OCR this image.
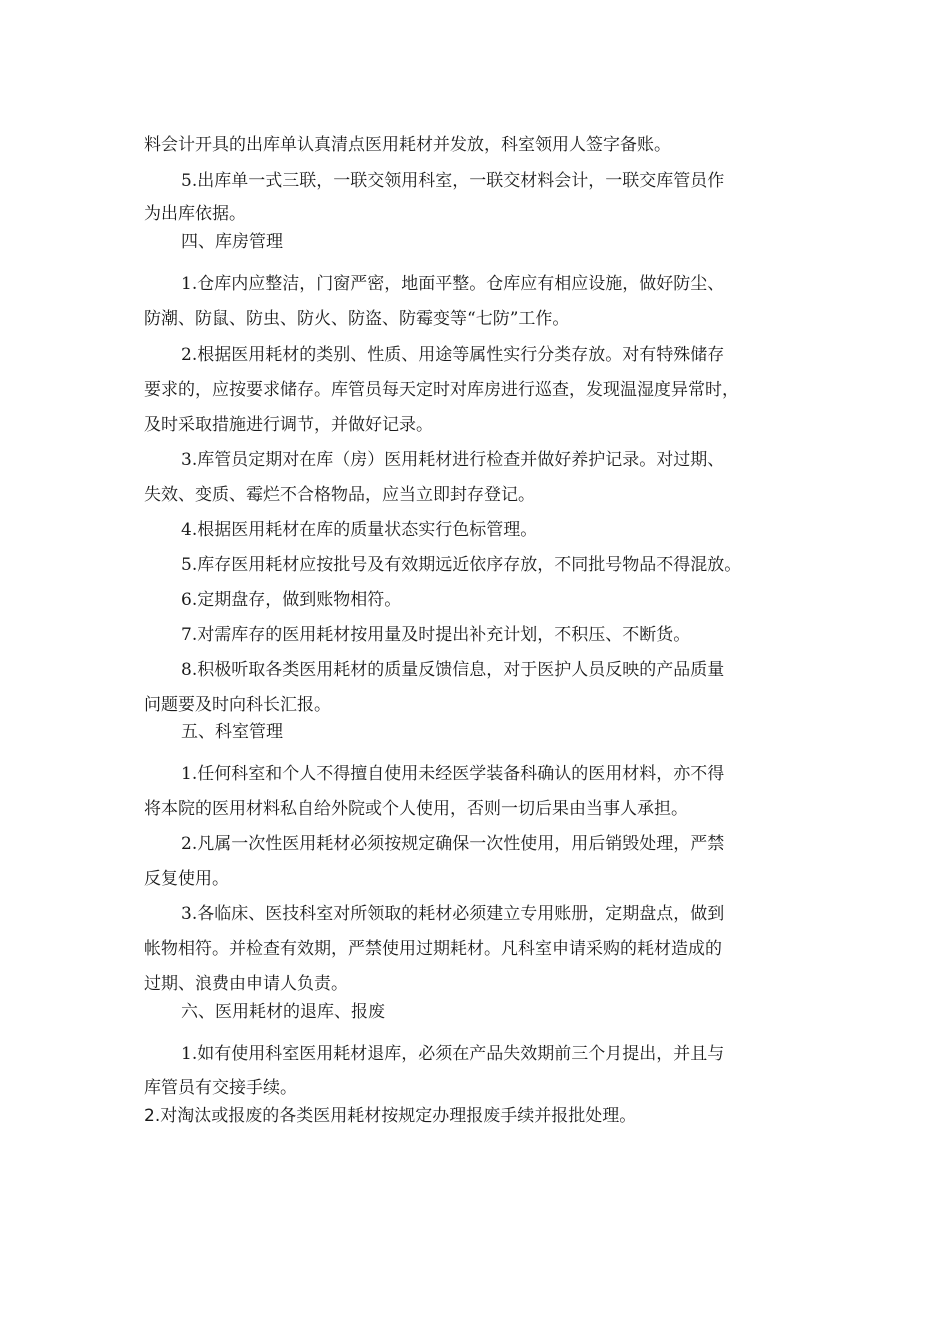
料会计开具的出库单认真清点医用耗材并发放，科室领用人签字备账。
5.出库单一式三联，一联交领用科室，一联交材料会计，一联交库管员作
为出库依据。
四、库房管理
1.仓库内应整洁，门窗严密，地面平整。仓库应有相应设施，做好防尘、
防潮、防鼠、防虫、防火、防盗、防霉变等“七防”工作。
2.根据医用耗材的类别、性质、用途等属性实行分类存放。对有特殊储存
要求的，应按要求储存。库管员每天定时对库房进行巡查，发现温湿度异常时，
及时采取措施进行调节，并做好记录。
3.库管员定期对在库（房）医用耗材进行检查并做好养护记录。对过期、
失效、变质、霉烂不合格物品，应当立即封存登记。
4.根据医用耗材在库的质量状态实行色标管理。
5.库存医用耗材应按批号及有效期远近依序存放，不同批号物品不得混放。
6.定期盘存，做到账物相符。
7.对需库存的医用耗材按用量及时提出补充计划，不积压、不断货。
8.积极听取各类医用耗材的质量反馈信息，对于医护人员反映的产品质量
问题要及时向科长汇报。
五、科室管理
1.任何科室和个人不得擅自使用未经医学装备科确认的医用材料，亦不得
将本院的医用材料私自给外院或个人使用，否则一切后果由当事人承担。
2.凡属一次性医用耗材必须按规定确保一次性使用，用后销毁处理，严禁
反复使用。
3.各临床、医技科室对所领取的耗材必须建立专用账册，定期盘点，做到
帐物相符。并检查有效期，严禁使用过期耗材。凡科室申请采购的耗材造成的
过期、浪费由申请人负责。
六、医用耗材的退库、报废
1.如有使用科室医用耗材退库，必须在产品失效期前三个月提出，并且与
库管员有交接手续。
2.对淘汰或报废的各类医用耗材按规定办理报废手续并报批处理。
